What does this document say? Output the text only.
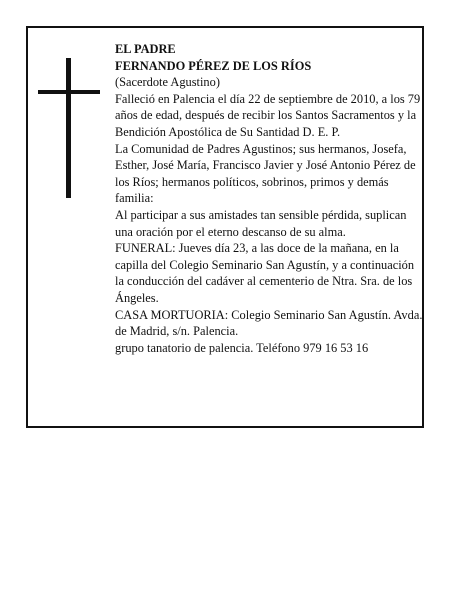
EL PADRE

FERNANDO PÉREZ DE LOS RÍOS

(Sacerdote Agustino)

Falleció en Palencia el día 22 de septiembre de 2010, a los 79 años de edad, después de recibir los Santos Sacramentos y la Bendición Apostólica de Su Santidad D. E. P.

La Comunidad de Padres Agustinos; sus hermanos, Josefa, Esther, José María, Francisco Javier y José Antonio Pérez de los Ríos; hermanos políticos, sobrinos, primos y demás familia:

Al participar a sus amistades tan sensible pérdida, suplican una oración por el eterno descanso de su alma.

FUNERAL: Jueves día 23, a las doce de la mañana, en la capilla del Colegio Seminario San Agustín, y a continuación la conducción del cadáver al cementerio de Ntra. Sra. de los Ángeles.

CASA MORTUORIA: Colegio Seminario San Agustín. Avda. de Madrid, s/n. Palencia.

grupo tanatorio de palencia. Teléfono 979 16 53 16
